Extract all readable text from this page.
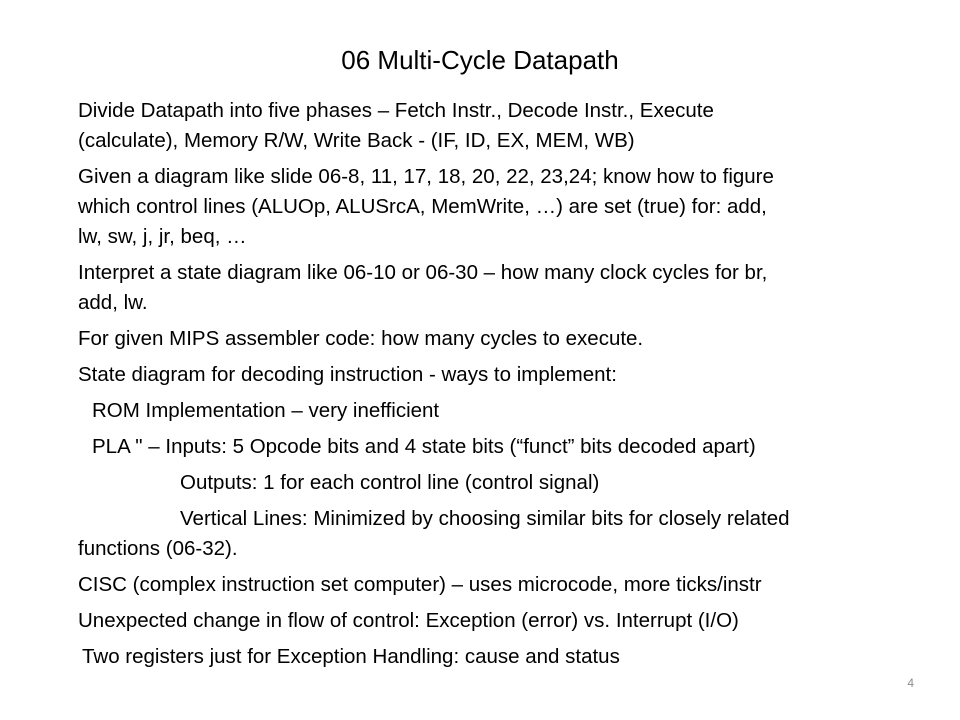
06 Multi-Cycle Datapath
Divide Datapath into five phases – Fetch Instr., Decode Instr., Execute
(calculate), Memory R/W, Write Back - (IF, ID, EX, MEM, WB)
Given a diagram like slide 06-8, 11, 17, 18, 20, 22, 23,24; know how to figure
which control lines (ALUOp, ALUSrcA, MemWrite, …) are set (true) for: add,
lw, sw, j, jr, beq, …
Interpret a state diagram like 06-10 or 06-30 – how many clock cycles for br,
add, lw.
For given MIPS assembler code: how many cycles to execute.
State diagram for decoding instruction - ways to implement:
ROM Implementation – very inefficient
PLA " – Inputs: 5 Opcode bits and 4 state bits (“funct” bits decoded apart)
Outputs: 1 for each control line (control signal)
Vertical Lines: Minimized by choosing similar bits for closely related
functions (06-32).
CISC (complex instruction set computer) – uses microcode, more ticks/instr
Unexpected change in flow of control: Exception (error) vs. Interrupt (I/O)
Two registers just for Exception Handling: cause and status
4
